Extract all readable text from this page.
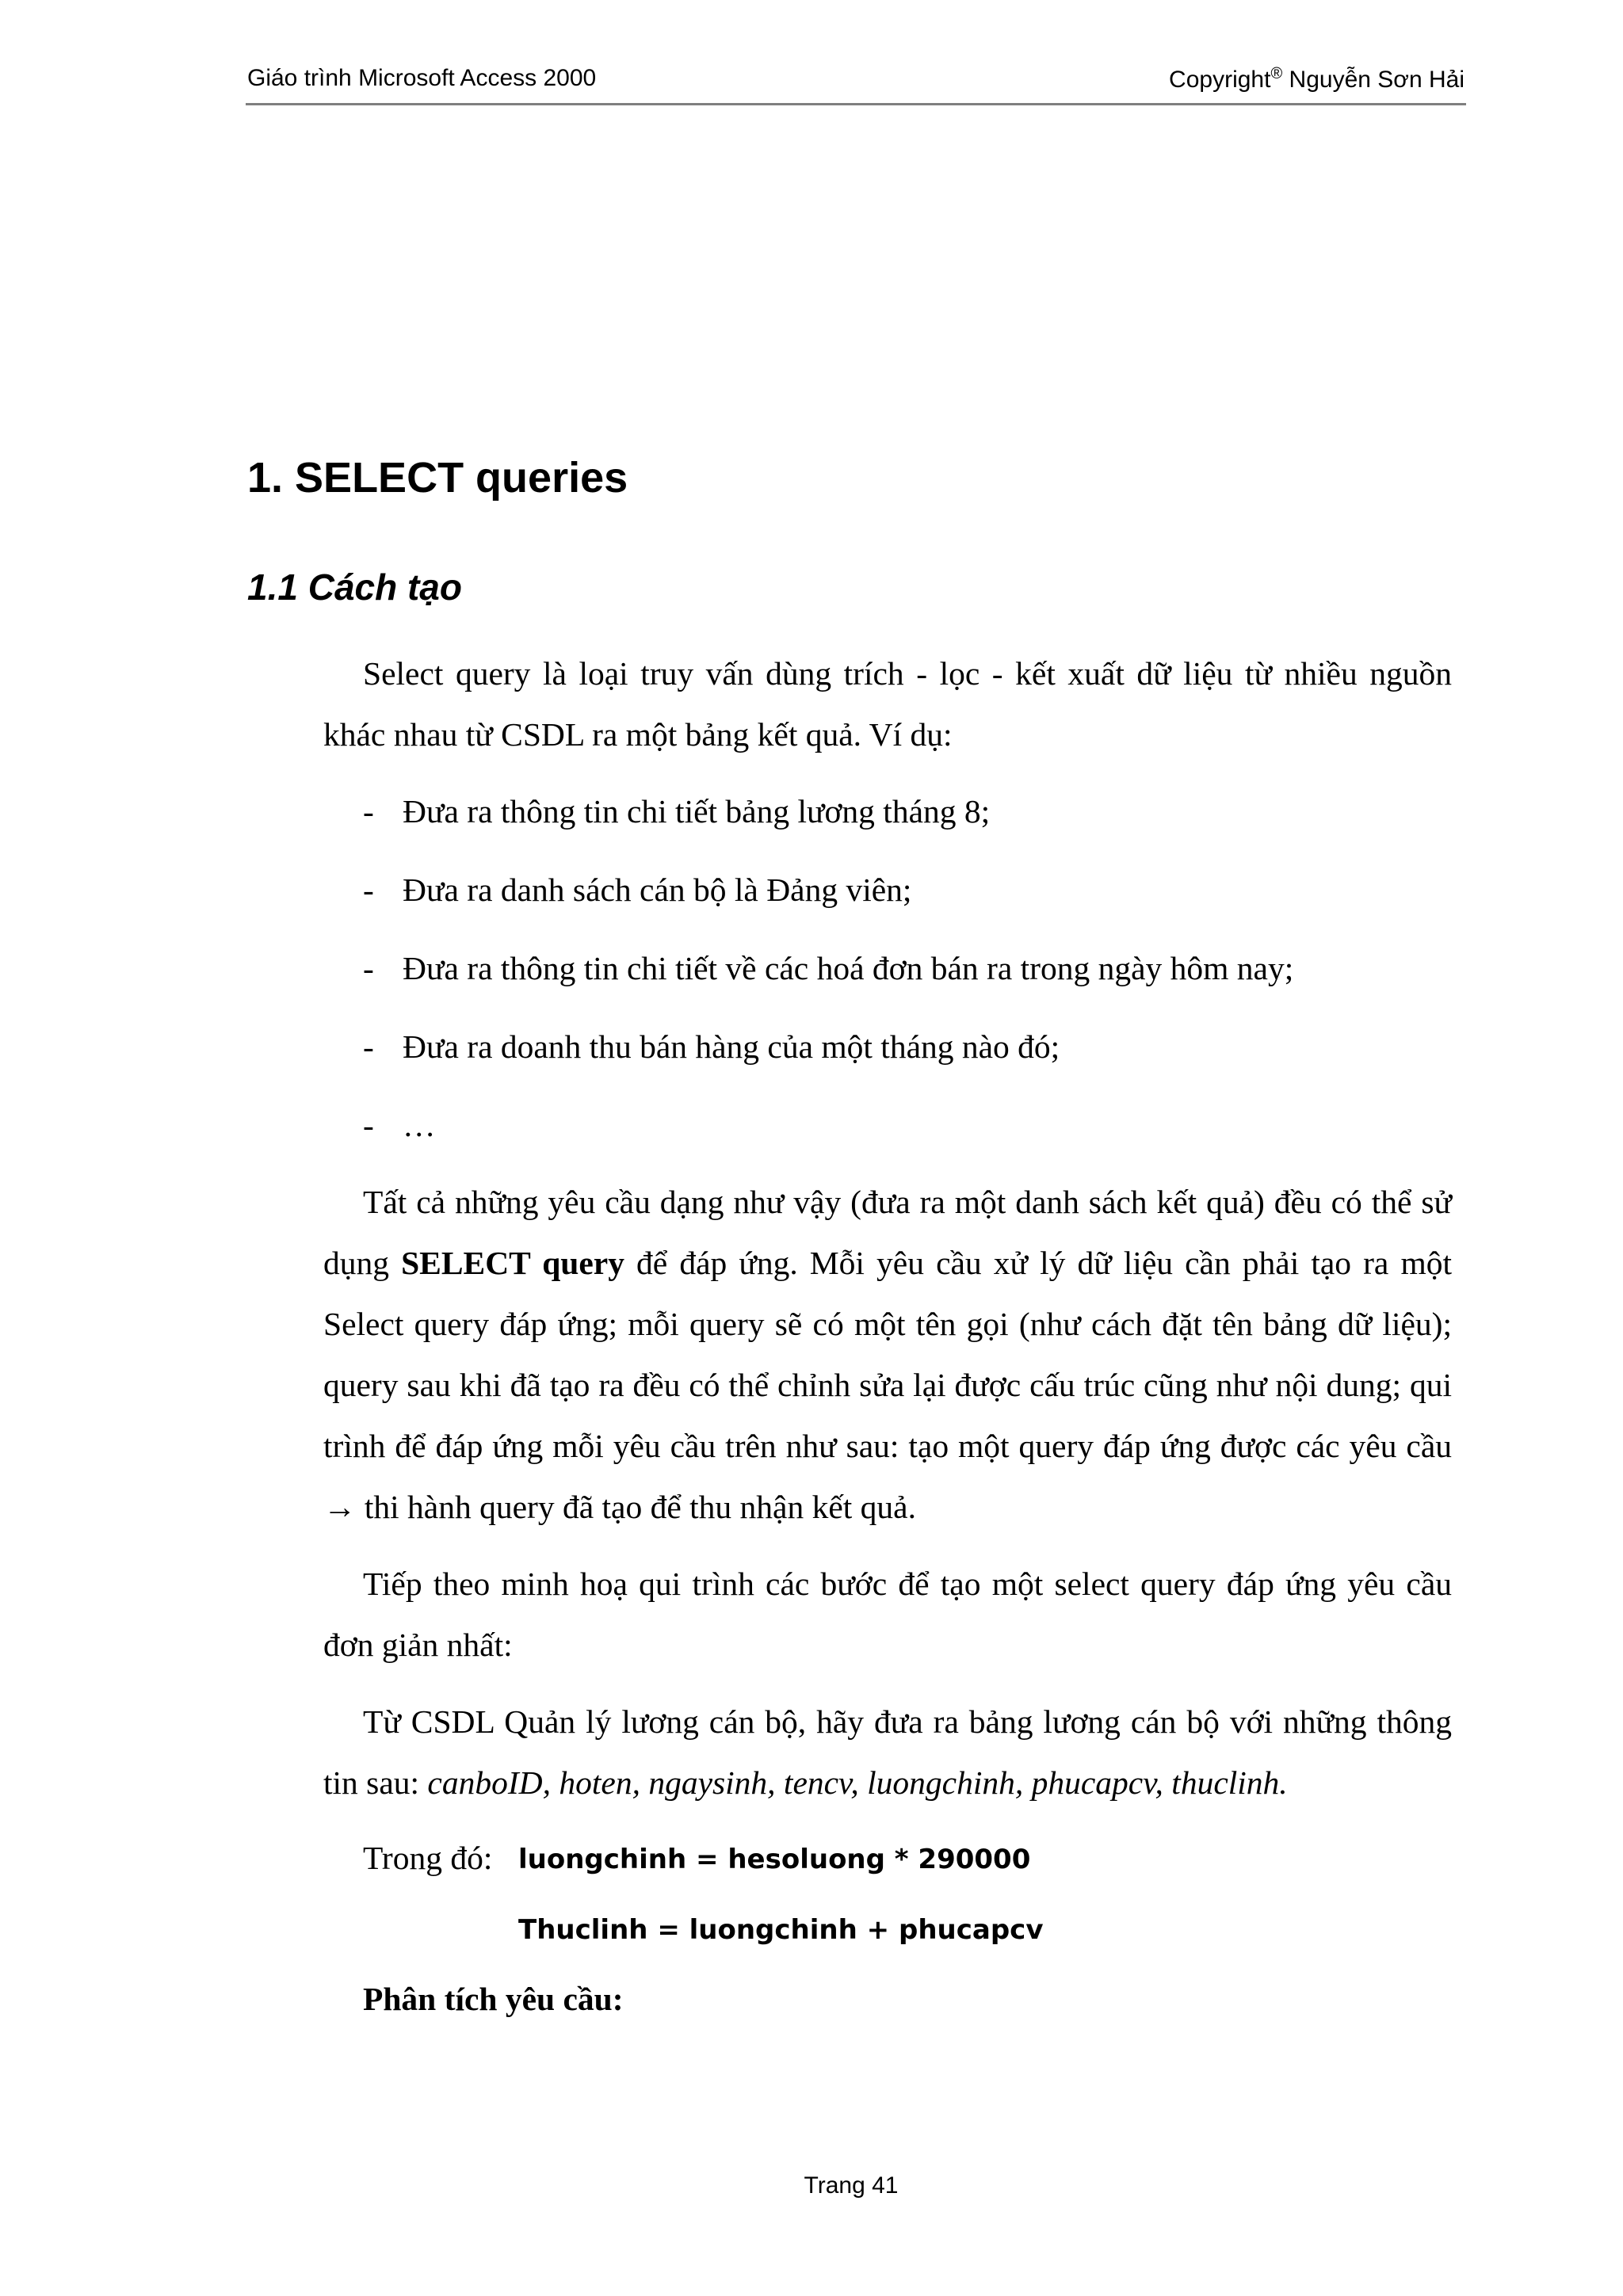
Giáo trình Microsoft Access 2000	Copyright® Nguyễn Sơn Hải
1. SELECT queries
1.1 Cách tạo

Select query là loại truy vấn dùng trích - lọc - kết xuất dữ liệu từ nhiều nguồn khác nhau từ CSDL ra một bảng kết quả. Ví dụ:

- Đưa ra thông tin chi tiết bảng lương tháng 8;
- Đưa ra danh sách cán bộ là Đảng viên;
- Đưa ra thông tin chi tiết về các hoá đơn bán ra trong ngày hôm nay;
- Đưa ra doanh thu bán hàng của một tháng nào đó;
- …

Tất cả những yêu cầu dạng như vậy (đưa ra một danh sách kết quả) đều có thể sử dụng SELECT query để đáp ứng. Mỗi yêu cầu xử lý dữ liệu cần phải tạo ra một Select query đáp ứng; mỗi query sẽ có một tên gọi (như cách đặt tên bảng dữ liệu); query sau khi đã tạo ra đều có thể chỉnh sửa lại được cấu trúc cũng như nội dung; qui trình để đáp ứng mỗi yêu cầu trên như sau: tạo một query đáp ứng được các yêu cầu → thi hành query đã tạo để thu nhận kết quả.

Tiếp theo minh hoạ qui trình các bước để tạo một select query đáp ứng yêu cầu đơn giản nhất:

Từ CSDL Quản lý lương cán bộ, hãy đưa ra bảng lương cán bộ với những thông tin sau: canboID, hoten, ngaysinh, tencv, luongchinh, phucapcv, thuclinh.

Trong đó: luongchinh = hesoluong * 290000
Thuclinh = luongchinh + phucapcv
Phân tích yêu cầu:
Trang 41
